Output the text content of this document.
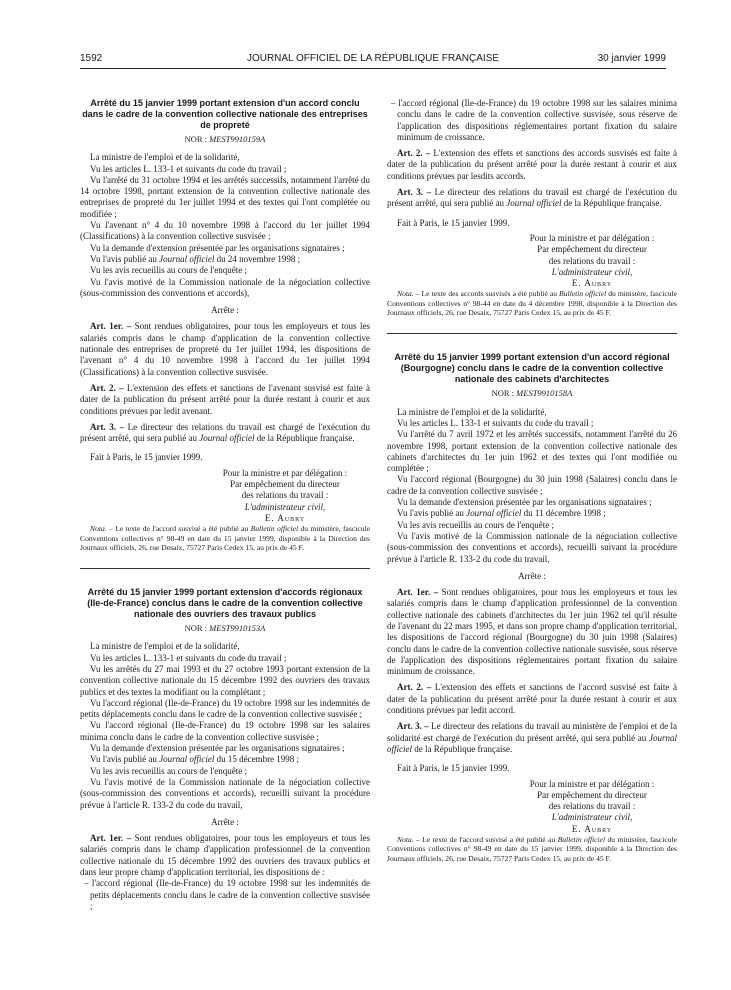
1592	JOURNAL OFFICIEL DE LA RÉPUBLIQUE FRANÇAISE	30 janvier 1999
Arrêté du 15 janvier 1999 portant extension d'un accord conclu dans le cadre de la convention collective nationale des entreprises de propreté
NOR : MESТ9910159A

La ministre de l'emploi et de la solidarité,

Vu les articles L. 133-1 et suivants du code du travail ;

Vu l'arrêté du 31 octobre 1994 et les arrêtés successifs, notamment l'arrêté du 14 octobre 1998, portant extension de la convention collective nationale des entreprises de propreté du 1er juillet 1994 et des textes qui l'ont complétée ou modifiée ;

Vu l'avenant n° 4 du 10 novembre 1998 à l'accord du 1er juillet 1994 (Classifications) à la convention collective susvisée ;

Vu la demande d'extension présentée par les organisations signataires ;

Vu l'avis publié au Journal officiel du 24 novembre 1998 ;

Vu les avis recueillis au cours de l'enquête ;

Vu l'avis motivé de la Commission nationale de la négociation collective (sous-commission des conventions et accords),

Arrête :

Art. 1er. – Sont rendues obligatoires, pour tous les employeurs et tous les salariés compris dans le champ d'application de la convention collective nationale des entreprises de propreté du 1er juillet 1994, les dispositions de l'avenant n° 4 du 10 novembre 1998 à l'accord du 1er juillet 1994 (Classifications) à la convention collective susvisée.

Art. 2. – L'extension des effets et sanctions de l'avenant susvisé est faite à dater de la publication du présent arrêté pour la durée restant à courir et aux conditions prévues par ledit avenant.

Art. 3. – Le directeur des relations du travail est chargé de l'exécution du présent arrêté, qui sera publié au Journal officiel de la République française.

Fait à Paris, le 15 janvier 1999.

Pour la ministre et par délégation :
Par empêchement du directeur
des relations du travail :
L'administrateur civil,
E. Aubry

Nota. – Le texte de l'accord susvisé a été publié au Bulletin officiel du ministère, fascicule Conventions collectives n° 98-49 en date du 15 janvier 1999, disponible à la Direction des Journaux officiels, 26, rue Desaix, 75727 Paris Cedex 15, au prix de 45 F.

Arrêté du 15 janvier 1999 portant extension d'accords régionaux (Ile-de-France) conclus dans le cadre de la convention collective nationale des ouvriers des travaux publics
NOR : MEST9910153A

La ministre de l'emploi et de la solidarité,

Vu les articles L. 133-1 et suivants du code du travail ;

Vu les arrêtés du 27 mai 1993 et du 27 octobre 1993 portant extension de la convention collective nationale du 15 décembre 1992 des ouvriers des travaux publics et des textes la modifiant ou la complétant ;

Vu l'accord régional (Ile-de-France) du 19 octobre 1998 sur les indemnités de petits déplacements conclu dans le cadre de la convention collective susvisée ;

Vu l'accord régional (Ile-de-France) du 19 octobre 1998 sur les salaires minima conclu dans le cadre de la convention collective susvisée ;

Vu la demande d'extension présentée par les organisations signataires ;

Vu l'avis publié au Journal officiel du 15 décembre 1998 ;

Vu les avis recueillis au cours de l'enquête ;

Vu l'avis motivé de la Commission nationale de la négociation collective (sous-commission des conventions et accords), recueilli suivant la procédure prévue à l'article R. 133-2 du code du travail,

Arrête :

Art. 1er. – Sont rendues obligatoires, pour tous les employeurs et tous les salariés compris dans le champ d'application professionnel de la convention collective nationale du 15 décembre 1992 des ouvriers des travaux publics et dans leur propre champ d'application territorial, les dispositions de :

– l'accord régional (Ile-de-France) du 19 octobre 1998 sur les indemnités de petits déplacements conclu dans le cadre de la convention collective susvisée ;

– l'accord régional (Ile-de-France) du 19 octobre 1998 sur les salaires minima conclu dans le cadre de la convention collective susvisée, sous réserve de l'application des dispositions réglementaires portant fixation du salaire minimum de croissance.

Art. 2. – L'extension des effets et sanctions des accords susvisés est faite à dater de la publication du présent arrêté pour la durée restant à courir et aux conditions prévues par lesdits accords.

Art. 3. – Le directeur des relations du travail est chargé de l'exécution du présent arrêté, qui sera publié au Journal officiel de la République française.

Fait à Paris, le 15 janvier 1999.

Pour la ministre et par délégation :
Par empêchement du directeur
des relations du travail :
L'administrateur civil,
E. Aubry

Nota. – Le texte des accords susvisés a été publié au Bulletin officiel du ministère, fascicule Conventions collectives n° 98-44 en date du 4 décembre 1998, disponible à la Direction des Journaux officiels, 26, rue Desaix, 75727 Paris Cedex 15, au prix de 45 F.

Arrêté du 15 janvier 1999 portant extension d'un accord régional (Bourgogne) conclu dans le cadre de la convention collective nationale des cabinets d'architectes
NOR : MEST9910158A

La ministre de l'emploi et de la solidarité,

Vu les articles L. 133-1 et suivants du code du travail ;

Vu l'arrêté du 7 avril 1972 et les arrêtés successifs, notamment l'arrêté du 26 novembre 1998, portant extension de la convention collective nationale des cabinets d'architectes du 1er juin 1962 et des textes qui l'ont modifiée ou complétée ;

Vu l'accord régional (Bourgogne) du 30 juin 1998 (Salaires) conclu dans le cadre de la convention collective susvisée ;

Vu la demande d'extension présentée par les organisations signataires ;

Vu l'avis publié au Journal officiel du 11 décembre 1998 ;

Vu les avis recueillis au cours de l'enquête ;

Vu l'avis motivé de la Commission nationale de la négociation collective (sous-commission des conventions et accords), recueilli suivant la procédure prévue à l'article R. 133-2 du code du travail,

Arrête :

Art. 1er. – Sont rendues obligatoires, pour tous les employeurs et tous les salariés compris dans le champ d'application professionnel de la convention collective nationale des cabinets d'architectes du 1er juin 1962 tel qu'il résulte de l'avenant du 22 mars 1995, et dans son propre champ d'application territorial, les dispositions de l'accord régional (Bourgogne) du 30 juin 1998 (Salaires) conclu dans le cadre de la convention collective nationale susvisée, sous réserve de l'application des dispositions réglementaires portant fixation du salaire minimum de croissance.

Art. 2. – L'extension des effets et sanctions de l'accord susvisé est faite à dater de la publication du présent arrêté pour la durée restant à courir et aux conditions prévues par ledit accord.

Art. 3. – Le directeur des relations du travail au ministère de l'emploi et de la solidarité est chargé de l'exécution du présent arrêté, qui sera publié au Journal officiel de la République française.

Fait à Paris, le 15 janvier 1999.

Pour la ministre et par délégation :
Par empêchement du directeur
des relations du travail :
L'administrateur civil,
E. Aubry

Nota. – Le texte de l'accord susvisé a été publié au Bulletin officiel du ministère, fascicule Conventions collectives n° 98-49 en date du 15 janvier 1999, disponible à la Direction des Journaux officiels, 26, rue Desaix, 75727 Paris Cedex 15, au prix de 45 F.
